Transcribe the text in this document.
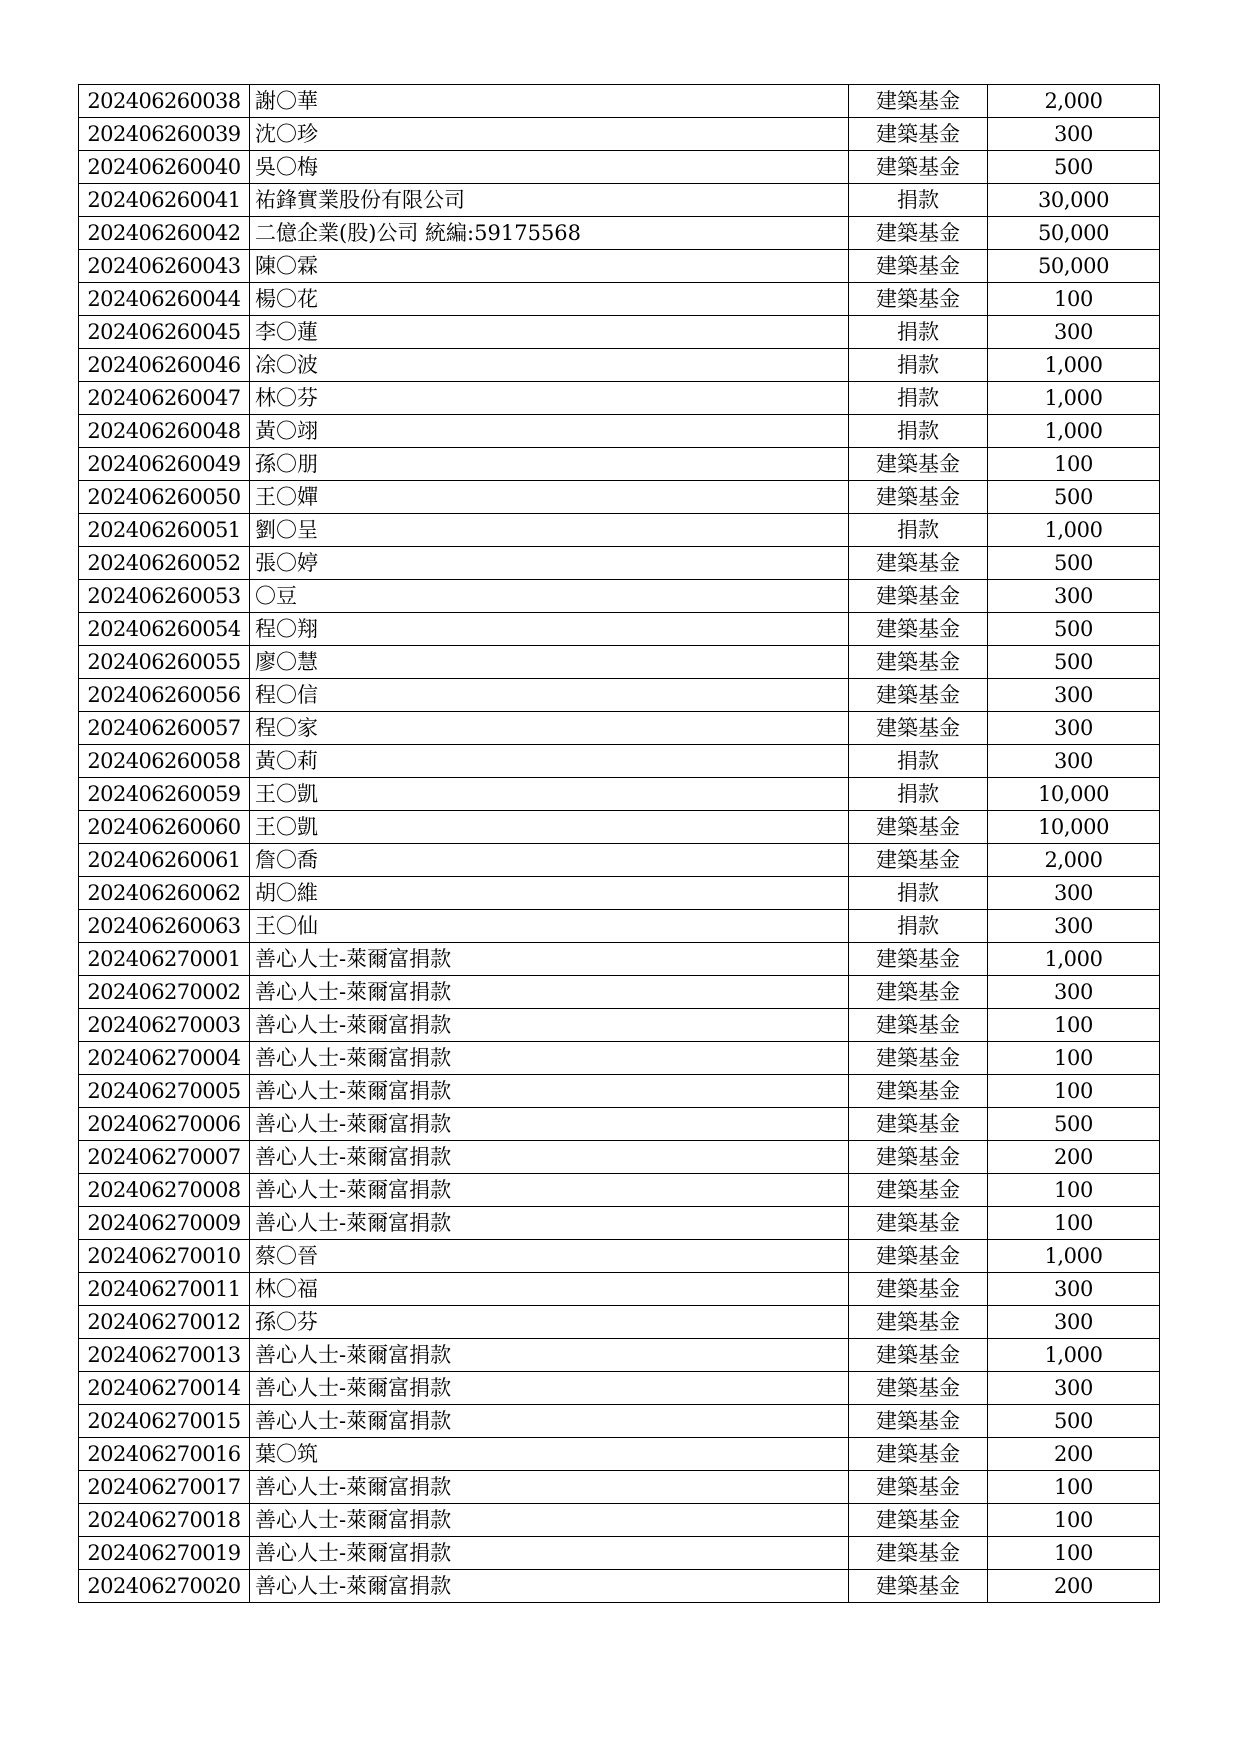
202406260038	謝〇華	建築基金	2,000
202406260039	沈〇珍	建築基金	300
202406260040	吳〇梅	建築基金	500
202406260041	祐鋒實業股份有限公司	捐款	30,000
202406260042	二億企業(股)公司 統編:59175568	建築基金	50,000
202406260043	陳〇霖	建築基金	50,000
202406260044	楊〇花	建築基金	100
202406260045	李〇蓮	捐款	300
202406260046	凃〇波	捐款	1,000
202406260047	林〇芬	捐款	1,000
202406260048	黃〇翊	捐款	1,000
202406260049	孫〇朋	建築基金	100
202406260050	王〇嬋	建築基金	500
202406260051	劉〇呈	捐款	1,000
202406260052	張〇婷	建築基金	500
202406260053	〇豆	建築基金	300
202406260054	程〇翔	建築基金	500
202406260055	廖〇慧	建築基金	500
202406260056	程〇信	建築基金	300
202406260057	程〇家	建築基金	300
202406260058	黃〇莉	捐款	300
202406260059	王〇凱	捐款	10,000
202406260060	王〇凱	建築基金	10,000
202406260061	詹〇喬	建築基金	2,000
202406260062	胡〇維	捐款	300
202406260063	王〇仙	捐款	300
202406270001	善心人士-萊爾富捐款	建築基金	1,000
202406270002	善心人士-萊爾富捐款	建築基金	300
202406270003	善心人士-萊爾富捐款	建築基金	100
202406270004	善心人士-萊爾富捐款	建築基金	100
202406270005	善心人士-萊爾富捐款	建築基金	100
202406270006	善心人士-萊爾富捐款	建築基金	500
202406270007	善心人士-萊爾富捐款	建築基金	200
202406270008	善心人士-萊爾富捐款	建築基金	100
202406270009	善心人士-萊爾富捐款	建築基金	100
202406270010	蔡〇晉	建築基金	1,000
202406270011	林〇福	建築基金	300
202406270012	孫〇芬	建築基金	300
202406270013	善心人士-萊爾富捐款	建築基金	1,000
202406270014	善心人士-萊爾富捐款	建築基金	300
202406270015	善心人士-萊爾富捐款	建築基金	500
202406270016	葉〇筑	建築基金	200
202406270017	善心人士-萊爾富捐款	建築基金	100
202406270018	善心人士-萊爾富捐款	建築基金	100
202406270019	善心人士-萊爾富捐款	建築基金	100
202406270020	善心人士-萊爾富捐款	建築基金	200
